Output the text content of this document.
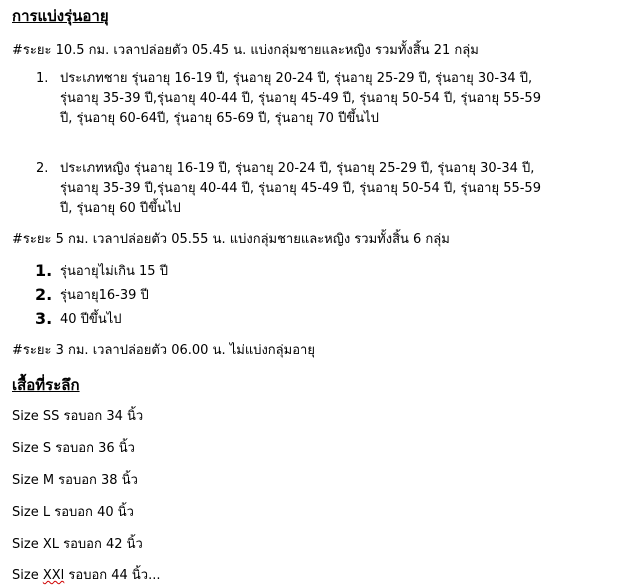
การแบ่งรุ่นอายุ
#ระยะ 10.5 กม. เวลาปล่อยตัว 05.45 น. แบ่งกลุ่มชายและหญิง รวมทั้งสิ้น 21 กลุ่ม
1. ประเภทชาย รุ่นอายุ 16-19 ปี, รุ่นอายุ 20-24 ปี, รุ่นอายุ 25-29 ปี, รุ่นอายุ 30-34 ปี,
รุ่นอายุ 35-39 ปี,รุ่นอายุ 40-44 ปี, รุ่นอายุ 45-49 ปี, รุ่นอายุ 50-54 ปี, รุ่นอายุ 55-59
ปี, รุ่นอายุ 60-64ปี, รุ่นอายุ 65-69 ปี, รุ่นอายุ 70 ปีขึ้นไป
2. ประเภทหญิง รุ่นอายุ 16-19 ปี, รุ่นอายุ 20-24 ปี, รุ่นอายุ 25-29 ปี, รุ่นอายุ 30-34 ปี,
รุ่นอายุ 35-39 ปี,รุ่นอายุ 40-44 ปี, รุ่นอายุ 45-49 ปี, รุ่นอายุ 50-54 ปี, รุ่นอายุ 55-59
ปี, รุ่นอายุ 60 ปีขึ้นไป
#ระยะ 5 กม. เวลาปล่อยตัว 05.55 น. แบ่งกลุ่มชายและหญิง รวมทั้งสิ้น 6 กลุ่ม
1. รุ่นอายุไม่เกิน 15 ปี
2. รุ่นอายุ16-39 ปี
3. 40 ปีขึ้นไป
#ระยะ 3 กม. เวลาปล่อยตัว 06.00 น. ไม่แบ่งกลุ่มอายุ
เสื้อที่ระลึก
Size SS รอบอก 34 นิ้ว
Size S รอบอก 36 นิ้ว
Size M รอบอก 38 นิ้ว
Size L รอบอก 40 นิ้ว
Size XL รอบอก 42 นิ้ว
Size XXl รอบอก 44 นิ้ว...
